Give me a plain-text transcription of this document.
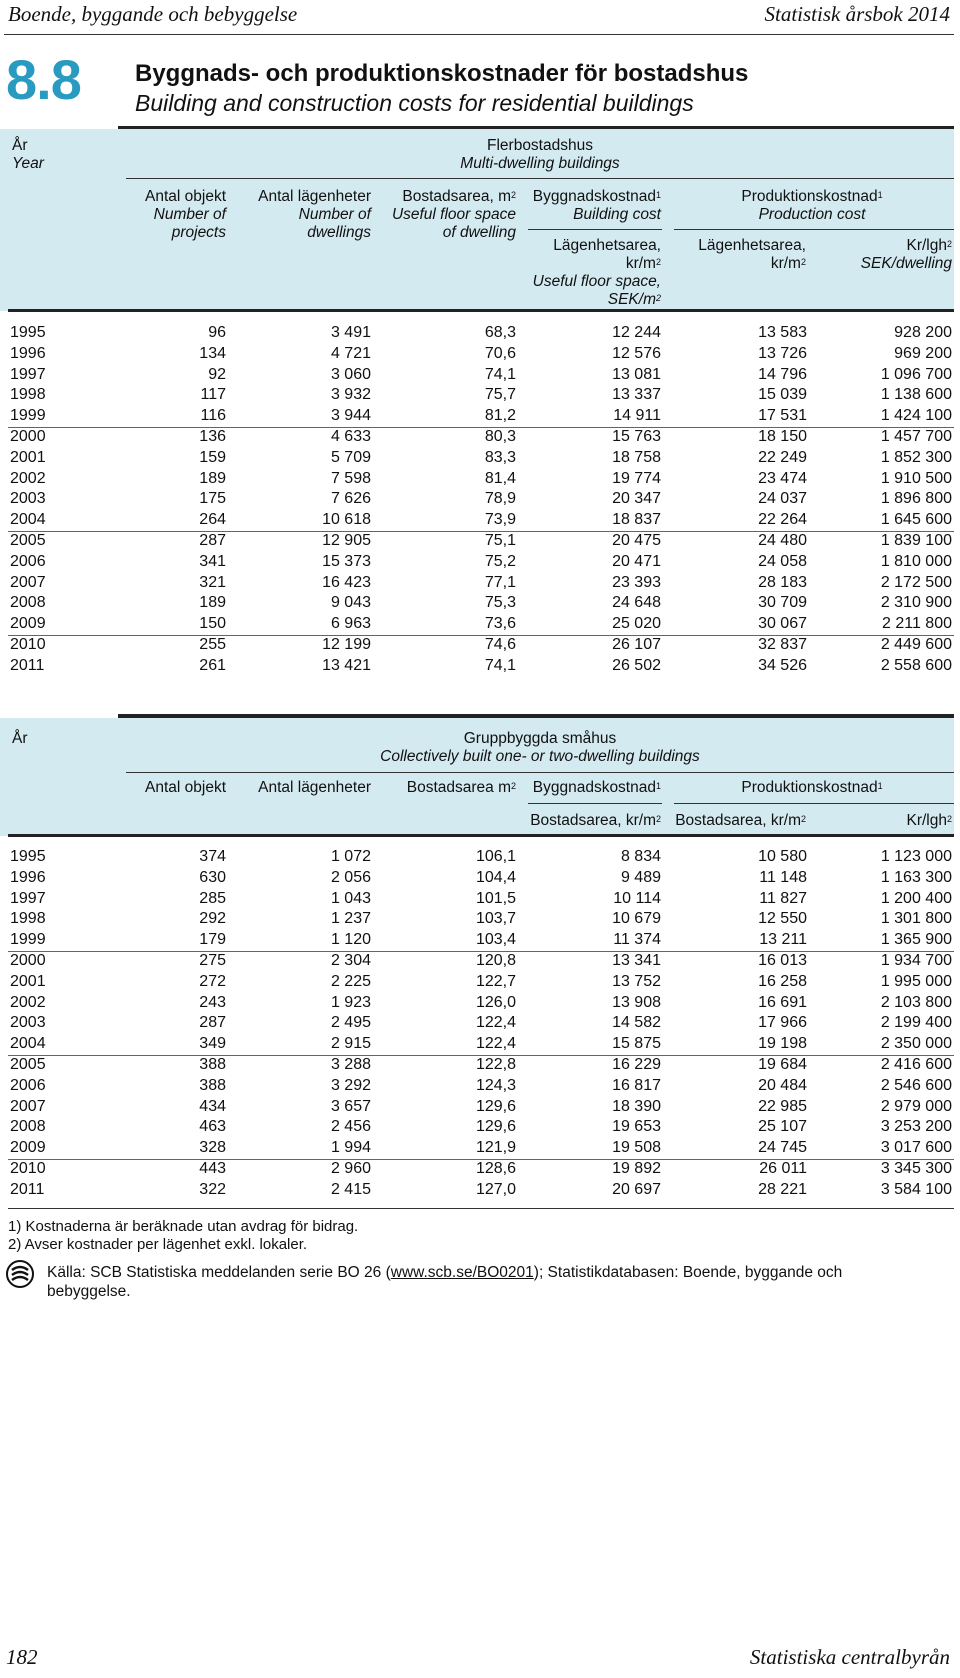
Boende, byggande och bebyggelse	Statistisk årsbok 2014
8.8 Byggnads- och produktionskostnader för bostadshus
Building and construction costs for residential buildings
År
Year
Flerbostadshus
Multi-dwelling buildings
Antal objekt
Number of
projects
Antal lägenheter
Number of
dwellings
Bostadsarea, $m^2$
Useful floor space
of dwelling
Byggnadskostnad$^1$
Building cost
Lägenhetsarea,
$kr/m^2$
Useful floor space,
SEK/$m^2$
Produktionskostnad$^1$
Production cost
Lägenhetsarea,
$kr/m^2$
Kr/lgh$^2$
SEK/dwelling
1995	96	3 491	68,3	12 244	13 583	928 200
1996	134	4 721	70,6	12 576	13 726	969 200
1997	92	3 060	74,1	13 081	14 796	1 096 700
1998	117	3 932	75,7	13 337	15 039	1 138 600
1999	116	3 944	81,2	14 911	17 531	1 424 100
2000	136	4 633	80,3	15 763	18 150	1 457 700
2001	159	5 709	83,3	18 758	22 249	1 852 300
2002	189	7 598	81,4	19 774	23 474	1 910 500
2003	175	7 626	78,9	20 347	24 037	1 896 800
2004	264	10 618	73,9	18 837	22 264	1 645 600
2005	287	12 905	75,1	20 475	24 480	1 839 100
2006	341	15 373	75,2	20 471	24 058	1 810 000
2007	321	16 423	77,1	23 393	28 183	2 172 500
2008	189	9 043	75,3	24 648	30 709	2 310 900
2009	150	6 963	73,6	25 020	30 067	2 211 800
2010	255	12 199	74,6	26 107	32 837	2 449 600
2011	261	13 421	74,1	26 502	34 526	2 558 600
År	Gruppbyggda småhus
Collectively built one- or two-dwelling buildings
Antal objekt	Antal lägenheter	Bostadsarea $m^2$	Byggnadskostnad$^1$	Produktionskostnad$^1$
Bostadsarea, $kr/m^2$ Bostadsarea, $kr/m^2$	Kr/lgh$^2$
1995	374	1 072	106,1	8 834	10 580	1 123 000
1996	630	2 056	104,4	9 489	11 148	1 163 300
1997	285	1 043	101,5	10 114	11 827	1 200 400
1998	292	1 237	103,7	10 679	12 550	1 301 800
1999	179	1 120	103,4	11 374	13 211	1 365 900
2000	275	2 304	120,8	13 341	16 013	1 934 700
2001	272	2 225	122,7	13 752	16 258	1 995 000
2002	243	1 923	126,0	13 908	16 691	2 103 800
2003	287	2 495	122,4	14 582	17 966	2 199 400
2004	349	2 915	122,4	15 875	19 198	2 350 000
2005	388	3 288	122,8	16 229	19 684	2 416 600
2006	388	3 292	124,3	16 817	20 484	2 546 600
2007	434	3 657	129,6	18 390	22 985	2 979 000
2008	463	2 456	129,6	19 653	25 107	3 253 200
2009	328	1 994	121,9	19 508	24 745	3 017 600
2010	443	2 960	128,6	19 892	26 011	3 345 300
2011	322	2 415	127,0	20 697	28 221	3 584 100
1) Kostnaderna är beräknade utan avdrag för bidrag.
2) Avser kostnader per lägenhet exkl. lokaler.
Källa: SCB Statistiska meddelanden serie BO 26 (www.scb.se/BO0201); Statistikdatabasen: Boende, byggande och
bebyggelse.
182	Statistiska centralbyrån
